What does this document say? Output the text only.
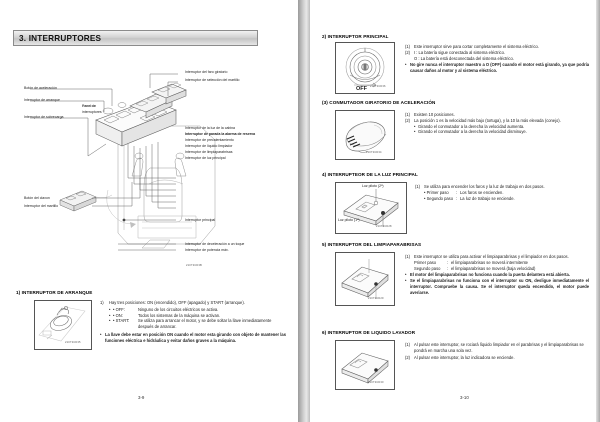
3. INTERRUPTORES
Interruptor del faro giratorio
Interruptor de selección del martillo
Botón de aceleración
Interruptor de arranque
Interruptor de sobrecarga
Panel de
interruptores
Interruptor de la luz de la cabina
Interruptor de parada la alarma de reserva
Interruptor de precalentamiento
Interruptor de líquido limpiador
Interruptor de limpiaparabrisas
Interruptor de luz principal
Botón del claxon
Interruptor del martillo
Interruptor principal
Interruptor de deceleración a un toque
Interruptor de potencia máx.
21073CD3B
1) INTERRUPTOR DE ARRANQUE
21073CD35
1)	Hay tres posiciones: ON (encendido), OFF (apagado) y START (arranque).
• • OFF:	Ninguno de los circuitos eléctricos se activa.
• • ON:	Todos los sistemas de la máquina se activan.
• • START:	Se utiliza para arrancar el motor, y se debe soltar la llave inmediatamente después de arrancar.
• La llave debe estar en posición ON cuando el motor esta girando con objeto de mantener las funciones eléctrica e hidráulica y evitar daños graves a la máquina.
3-9
2) INTERRUPTOR PRINCIPAL
OFF 21073CD36
(1) Este interruptor sirve para cortar completamente el sistema eléctrico.
(2) I : La batería sigue conectada al sistema eléctrico.
O : La batería está desconectada del sistema eléctrico.
• No gire nunca el interruptor maestro a O (OFF) cuando el motor está girando, ya que podría causar daños al motor y al sistema eléctrico.
(3) CONMUTADOR GIRATORIO DE ACELERACIÓN
21073CD34
(1) Existen 10 posiciones.
(2) La posición 1 es la velocidad más bajo (tortuga), y la 10 la más elevada (conejo).
• Girando el conmutador a la derecha la velocidad aumenta.
• Girando el conmutador a la derecha la velocidad disminuye.
4) INTERRUPTEOR DE LA LUZ PRINCIPAL
21073CD28
Luz piloto (2ª)
Luz piloto (1ª)
(1) Se utiliza para encender los faros y la luz de trabajo en dos pasos.
• Primer paso	: Los faros se encienden.
• Segundo paso : La luz de trabajo se enciende.
5) INTERRUPTOR DEL LIMPIAPARABRISAS
21073CD29
(1) Este interruptor se utiliza para activar el limpiaparabrisas y el limpiador en dos pasos.
Primer paso	: el limpiaparabrisas se moverá intermitente
Segundo paso	: el limpiaparabrisas se moverá (baja velocidad)
• El motor del limpiaparabrisas no funciona cuando la puerta delantera está abierta.
• Se el limpiaparabrisas no funciona con el interruptor su ON, desligue inmediatamente el interruptor. Compruebe la causa. Se el interruptor queda encendido, el motor puede averiarse.
6) INTERRUPTOR DE LIQUIDO LAVADOR
21073CD30
(1) Al pulsar este interruptor, se rociará líquido limpiador en el parabrisas y el limpiaparabrisas se pondrá en marcha una sola vez.
(2) Al pulsar este interruptor, la luz indicadora se enciende.
3-10
